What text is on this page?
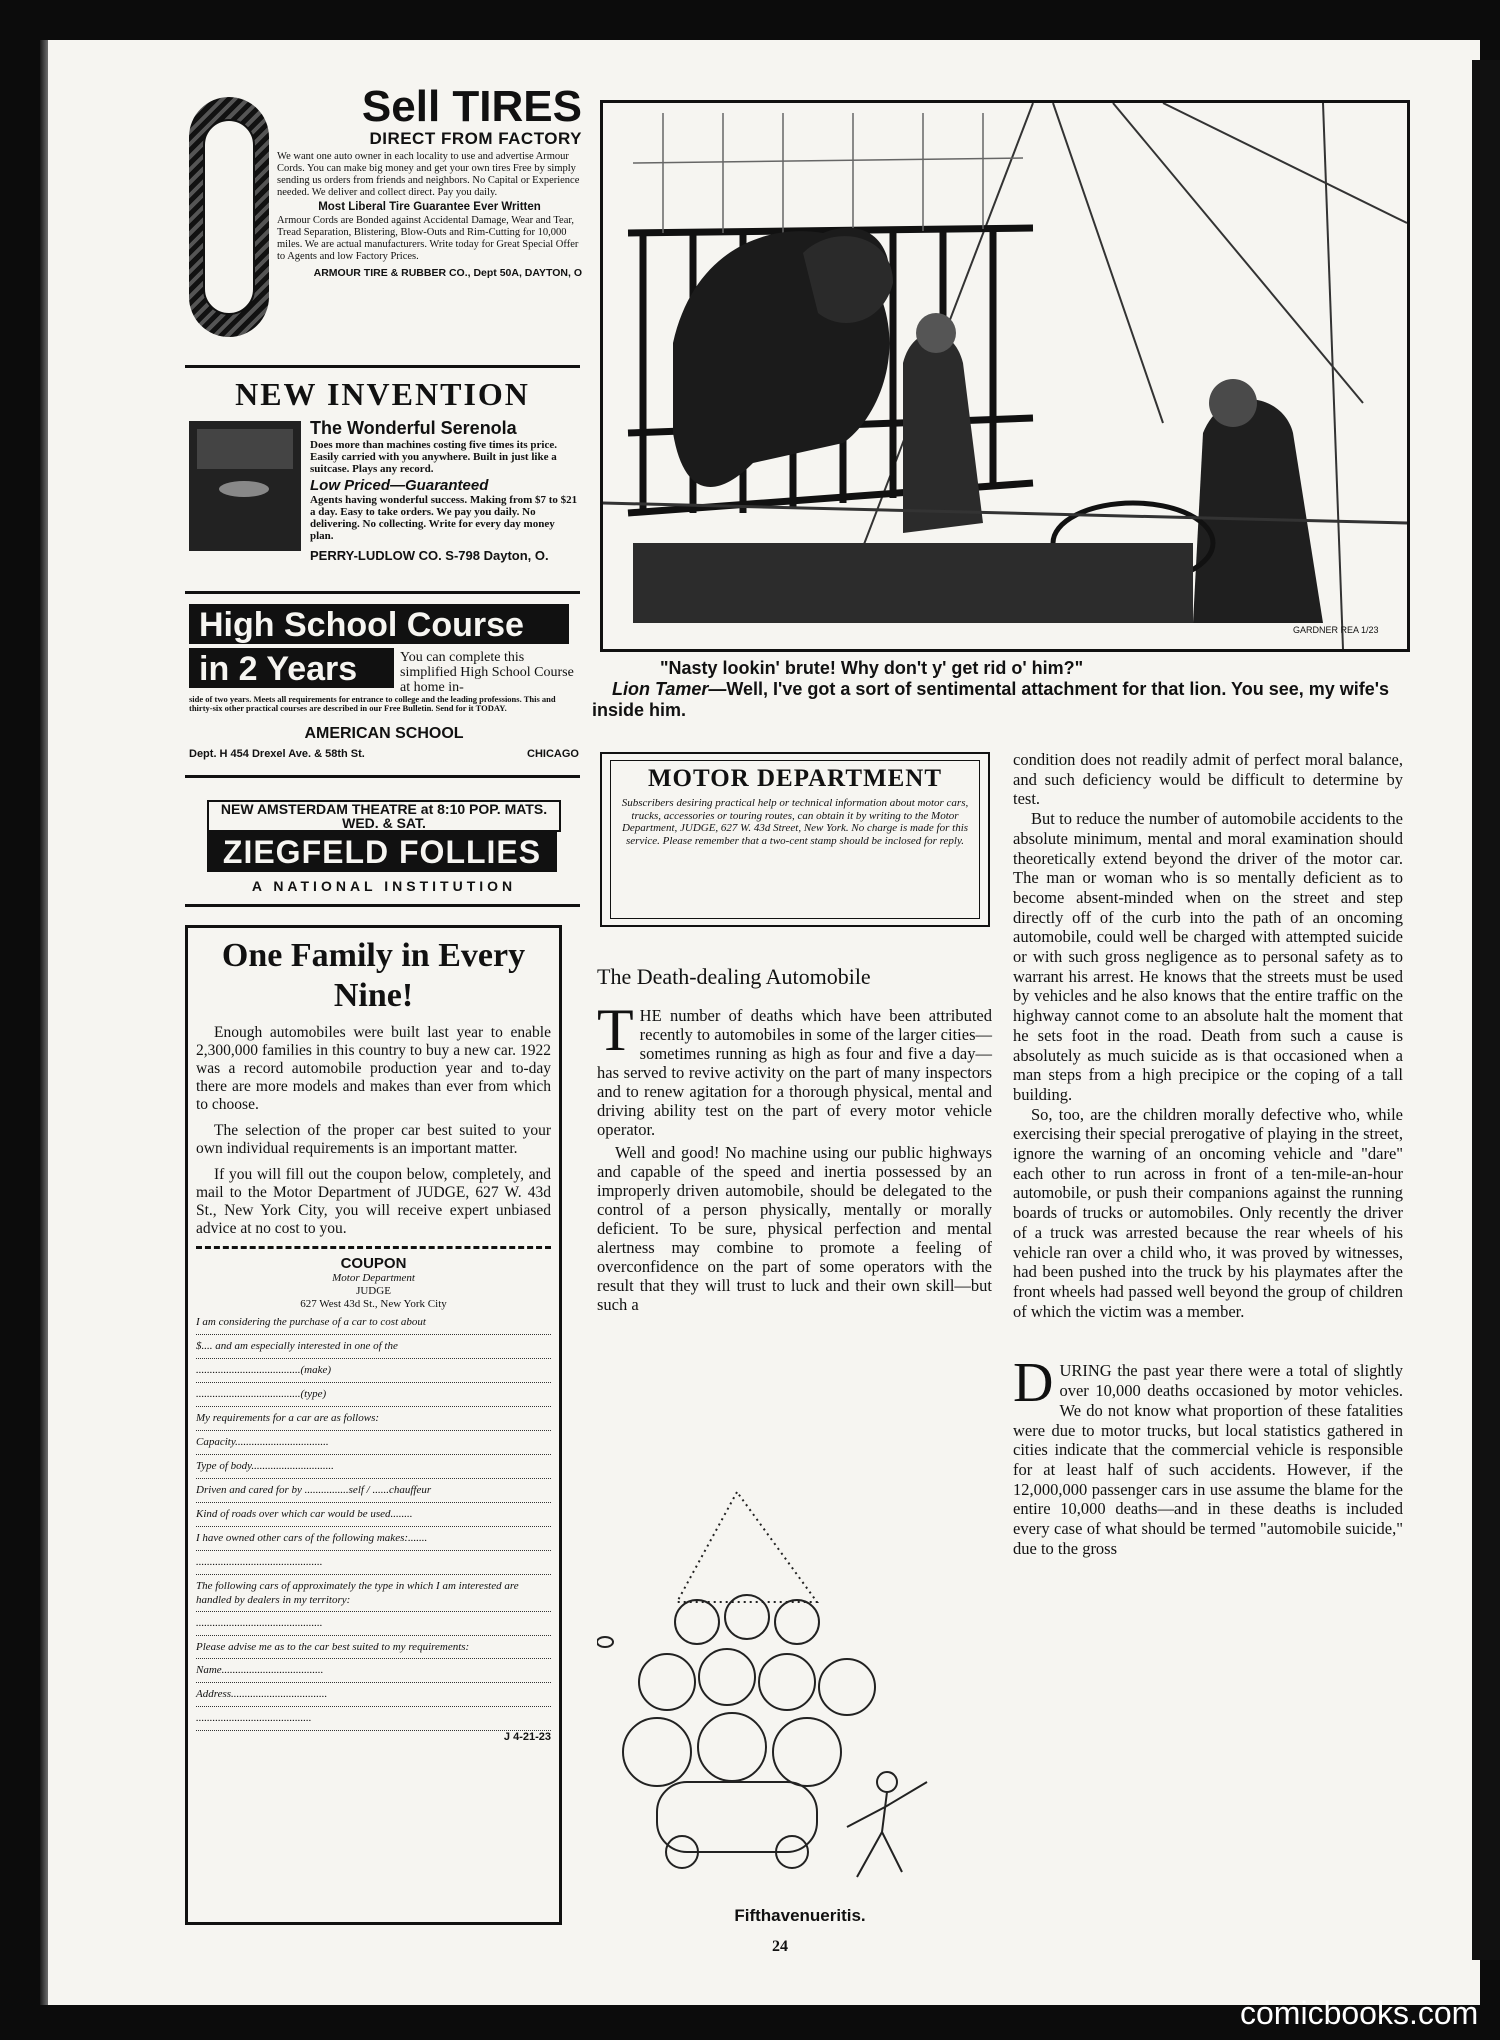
Sell TIRES
DIRECT FROM FACTORY
We want one auto owner in each locality to use and advertise Armour Cords. You can make big money and get your own tires Free by simply sending us orders from friends and neighbors. No Capital or Experience needed. We deliver and collect direct. Pay you daily.
Most Liberal Tire Guarantee Ever Written
Armour Cords are Bonded against Accidental Damage, Wear and Tear, Tread Separation, Blistering, Blow-Outs and Rim-Cutting for 10,000 miles. We are actual manufacturers. Write today for Great Special Offer to Agents and low Factory Prices.
ARMOUR TIRE & RUBBER CO., Dept 50A, DAYTON, O
NEW INVENTION
The Wonderful Serenola
Does more than machines costing five times its price. Easily carried with you anywhere. Built in just like a suitcase. Plays any record.
Low Priced—Guaranteed
Agents having wonderful success. Making from $7 to $21 a day. Easy to take orders. We pay you daily. No delivering. No collecting. Write for every day money plan.
PERRY-LUDLOW CO. S-798 Dayton, O.
High School Course
in 2 Years	You can complete this simplified High School Course at home in-
side of two years. Meets all requirements for entrance to college and the leading professions. This and thirty-six other practical courses are described in our Free Bulletin. Send for it TODAY.
AMERICAN SCHOOL
Dept. H 454 Drexel Ave. & 58th St.	CHICAGO
NEW AMSTERDAM THEATRE at 8:10 POP. MATS. WED. & SAT.
ZIEGFELD FOLLIES
A NATIONAL INSTITUTION
One Family in Every Nine!

Enough automobiles were built last year to enable 2,300,000 families in this country to buy a new car. 1922 was a record automobile production year and to-day there are more models and makes than ever from which to choose.

The selection of the proper car best suited to your own individual requirements is an important matter.

If you will fill out the coupon below, completely, and mail to the Motor Department of JUDGE, 627 W. 43d St., New York City, you will receive expert unbiased advice at no cost to you.

COUPON
Motor Department
JUDGE
627 West 43d St., New York City
I am considering the purchase of a car to cost about
$.... and am especially interested in one of the
......................................(make)
......................................(type)
My requirements for a car are as follows:
Capacity..................................
Type of body..............................
Driven and cared for by ................self / ......chauffeur
Kind of roads over which car would be used........
I have owned other cars of the following makes:.......
..............................................
The following cars of approximately the type in which I am interested are handled by dealers in my territory:
..............................................
Please advise me as to the car best suited to my requirements:
Name.....................................
Address...................................
..........................................
J 4-21-23
GARDNER REA 1/23
"Nasty lookin' brute! Why don't y' get rid o' him?"
Lion Tamer—Well, I've got a sort of sentimental attachment for that lion. You see, my wife's inside him.
MOTOR DEPARTMENT
Subscribers desiring practical help or technical information about motor cars, trucks, accessories or touring routes, can obtain it by writing to the Motor Department, JUDGE, 627 W. 43d Street, New York. No charge is made for this service. Please remember that a two-cent stamp should be inclosed for reply.
The Death-dealing Automobile

THE number of deaths which have been attributed recently to automobiles in some of the larger cities—sometimes running as high as four and five a day—has served to revive activity on the part of many inspectors and to renew agitation for a thorough physical, mental and driving ability test on the part of every motor vehicle operator.

Well and good! No machine using our public highways and capable of the speed and inertia possessed by an improperly driven automobile, should be delegated to the control of a person physically, mentally or morally deficient. To be sure, physical perfection and mental alertness may combine to promote a feeling of overconfidence on the part of some operators with the result that they will trust to luck and their own skill—but such a

condition does not readily admit of perfect moral balance, and such deficiency would be difficult to determine by test.

But to reduce the number of automobile accidents to the absolute minimum, mental and moral examination should theoretically extend beyond the driver of the motor car. The man or woman who is so mentally deficient as to become absent-minded when on the street and step directly off of the curb into the path of an oncoming automobile, could well be charged with attempted suicide or with such gross negligence as to personal safety as to warrant his arrest. He knows that the streets must be used by vehicles and he also knows that the entire traffic on the highway cannot come to an absolute halt the moment that he sets foot in the road. Death from such a cause is absolutely as much suicide as is that occasioned when a man steps from a high precipice or the coping of a tall building.

So, too, are the children morally defective who, while exercising their special prerogative of playing in the street, ignore the warning of an oncoming vehicle and "dare" each other to run across in front of a ten-mile-an-hour automobile, or push their companions against the running boards of trucks or automobiles. Only recently the driver of a truck was arrested because the rear wheels of his vehicle ran over a child who, it was proved by witnesses, had been pushed into the truck by his playmates after the front wheels had passed well beyond the group of children of which the victim was a member.

DURING the past year there were a total of slightly over 10,000 deaths occasioned by motor vehicles. We do not know what proportion of these fatalities were due to motor trucks, but local statistics gathered in cities indicate that the commercial vehicle is responsible for at least half of such accidents. However, if the 12,000,000 passenger cars in use assume the blame for the entire 10,000 deaths—and in these deaths is included every case of what should be termed "automobile suicide," due to the gross

Fifthavenueritis.
24
comicbooks.com
